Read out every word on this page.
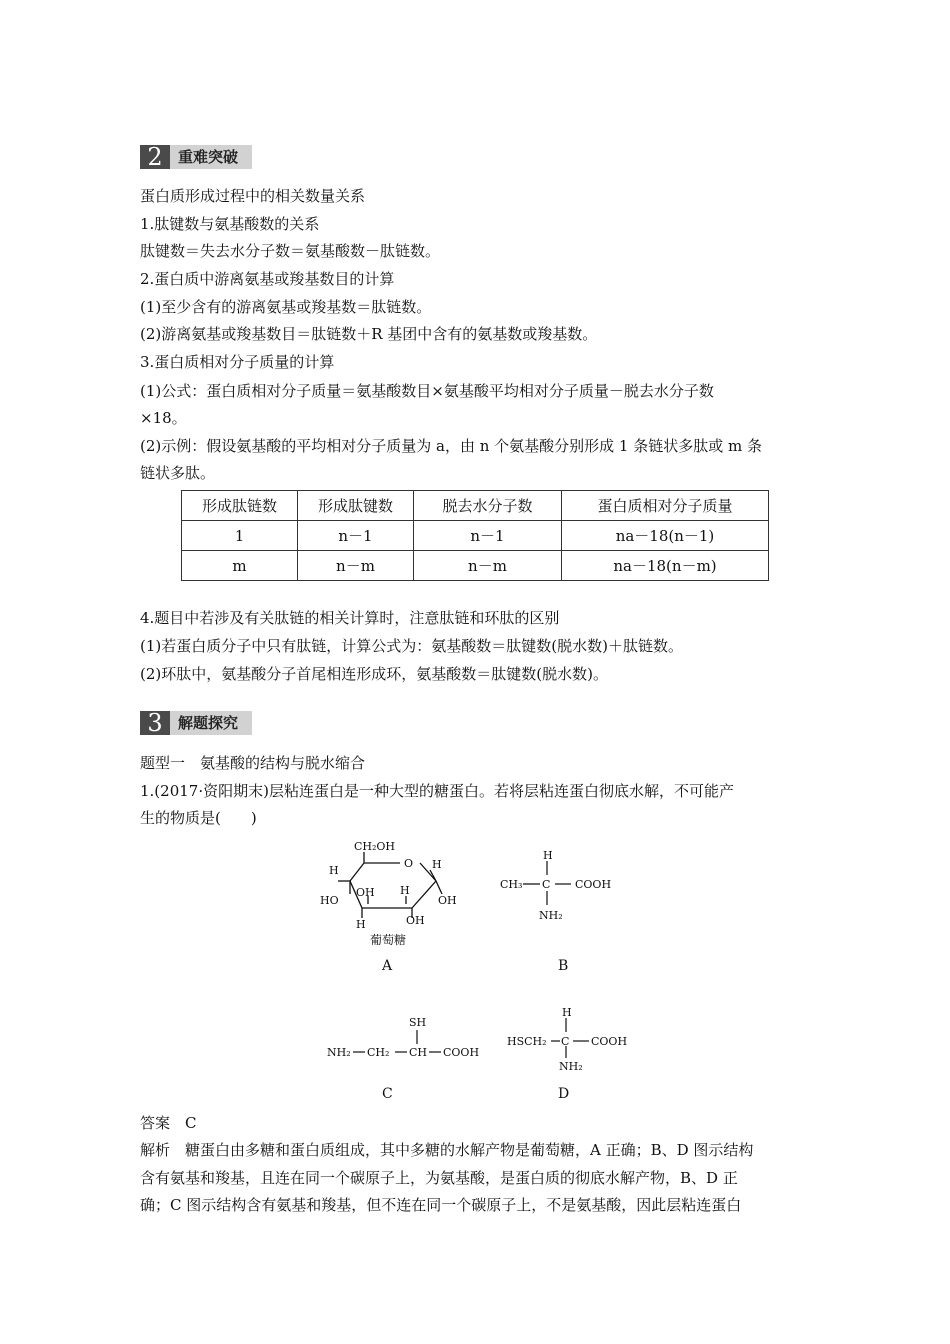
2	重难突破
蛋白质形成过程中的相关数量关系
1.肽键数与氨基酸数的关系
肽键数＝失去水分子数＝氨基酸数－肽链数。
2.蛋白质中游离氨基或羧基数目的计算
(1)至少含有的游离氨基或羧基数＝肽链数。
(2)游离氨基或羧基数目＝肽链数＋R 基团中含有的氨基数或羧基数。
3.蛋白质相对分子质量的计算
(1)公式：蛋白质相对分子质量＝氨基酸数目×氨基酸平均相对分子质量－脱去水分子数
×18。
(2)示例：假设氨基酸的平均相对分子质量为 a，由 n 个氨基酸分别形成 1 条链状多肽或 m 条
链状多肽。
形成肽链数	形成肽键数	脱去水分子数	蛋白质相对分子质量
1	n－1	n－1	na－18(n－1)
m	n－m	n－m	na－18(n－m)
4.题目中若涉及有关肽链的相关计算时，注意肽链和环肽的区别
(1)若蛋白质分子中只有肽链，计算公式为：氨基酸数＝肽键数(脱水数)＋肽链数。
(2)环肽中，氨基酸分子首尾相连形成环，氨基酸数＝肽键数(脱水数)。
3	解题探究
题型一　氨基酸的结构与脱水缩合
1.(2017·资阳期末)层粘连蛋白是一种大型的糖蛋白。若将层粘连蛋白彻底水解，不可能产
生的物质是(　　)
CH₂OH
O
H
HO
OH
H
H
OH
H
OH
葡萄糖
A
H
CH₃ C COOH
NH₂
B
SH
NH₂ CH₂ CH COOH
C
H
HSCH₂ C COOH
NH₂
D
答案　C
解析　糖蛋白由多糖和蛋白质组成，其中多糖的水解产物是葡萄糖，A 正确；B、D 图示结构
含有氨基和羧基，且连在同一个碳原子上，为氨基酸，是蛋白质的彻底水解产物，B、D 正
确；C 图示结构含有氨基和羧基，但不连在同一个碳原子上，不是氨基酸，因此层粘连蛋白
